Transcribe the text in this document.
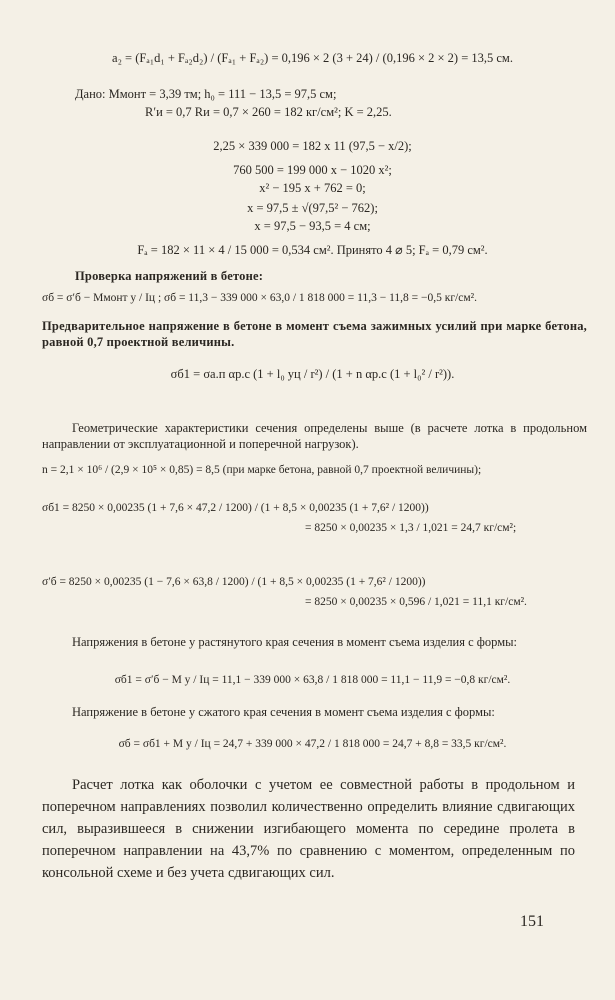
a₂ = (Fₐ₁d₁ + Fₐ₂d₂) / (Fₐ₁ + Fₐ₂) = 0,196 × 2 (3 + 24) / (0,196 × 2 × 2) = 13,5 см.
Дано: Mмонт = 3,39 тм; h₀ = 111 − 13,5 = 97,5 см;
R′и = 0,7 Rи = 0,7 × 260 = 182 кг/см²; K = 2,25.
2,25 × 339 000 = 182 x 11 (97,5 − x/2);
760 500 = 199 000 x − 1020 x²;
x² − 195 x + 762 = 0;
x = 97,5 ± √(97,5² − 762);
x = 97,5 − 93,5 = 4 см;
Fₐ = 182 × 11 × 4 / 15 000 = 0,534 см². Принято 4 ⌀ 5; Fₐ = 0,79 см².
Проверка напряжений в бетоне:
σб = σ′б − Mмонт y / Iц ; σб = 11,3 − 339 000 × 63,0 / 1 818 000 = 11,3 − 11,8 = −0,5 кг/см².
Предварительное напряжение в бетоне в момент съема зажимных усилий при марке бетона, равной 0,7 проектной величины.
σб1 = σа.п αр.с (1 + l₀ yц / r²) / (1 + n αр.с (1 + l₀² / r²)).
Геометрические характеристики сечения определены выше (в расчете лотка в продольном направлении от эксплуатационной и поперечной нагрузок).
n = 2,1 × 10⁶ / (2,9 × 10⁵ × 0,85) = 8,5 (при марке бетона, равной 0,7 проектной величины);
σб1 = 8250 × 0,00235 (1 + 7,6 × 47,2 / 1200) / (1 + 8,5 × 0,00235 (1 + 7,6² / 1200))
= 8250 × 0,00235 × 1,3 / 1,021 = 24,7 кг/см²;
σ′б = 8250 × 0,00235 (1 − 7,6 × 63,8 / 1200) / (1 + 8,5 × 0,00235 (1 + 7,6² / 1200))
= 8250 × 0,00235 × 0,596 / 1,021 = 11,1 кг/см².
Напряжения в бетоне у растянутого края сечения в момент съема изделия с формы:
σб1 = σ′б − M y / Iц = 11,1 − 339 000 × 63,8 / 1 818 000 = 11,1 − 11,9 = −0,8 кг/см².
Напряжение в бетоне у сжатого края сечения в момент съема изделия с формы:
σб = σб1 + M y / Iц = 24,7 + 339 000 × 47,2 / 1 818 000 = 24,7 + 8,8 = 33,5 кг/см².
Расчет лотка как оболочки с учетом ее совместной работы в продольном и поперечном направлениях позволил количественно определить влияние сдвигающих сил, выразившееся в снижении изгибающего момента по середине пролета в поперечном направлении на 43,7% по сравнению с моментом, определенным по консольной схеме и без учета сдвигающих сил.
151
